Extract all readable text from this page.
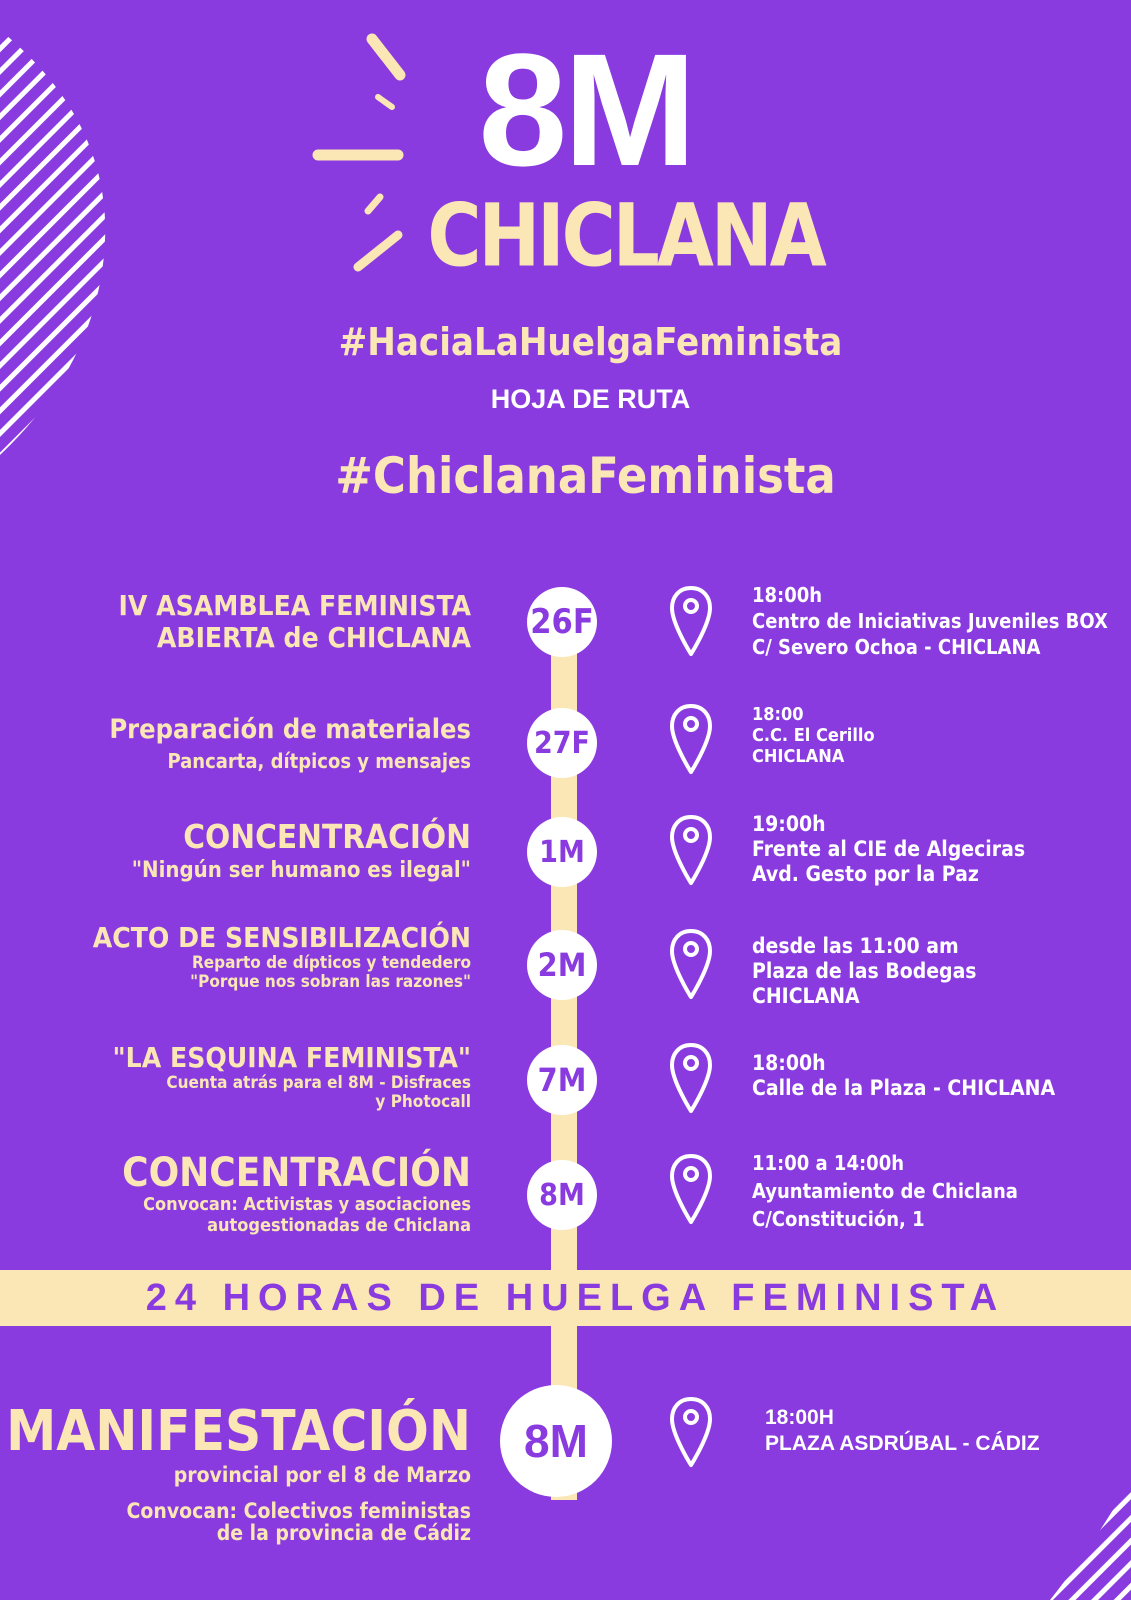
8M
CHICLANA
#HaciaLaHuelgaFeminista
HOJA DE RUTA
#ChiclanaFeminista
26F
IV ASAMBLEA FEMINISTA
ABIERTA de CHICLANA
18:00h
Centro de Iniciativas Juveniles BOX
C/ Severo Ochoa - CHICLANA
27F
Preparación de materiales
Pancarta, dítpicos y mensajes
18:00
C.C. El Cerillo
CHICLANA
1M
CONCENTRACIÓN
"Ningún ser humano es ilegal"
19:00h
Frente al CIE de Algeciras
Avd. Gesto por la Paz
2M
ACTO DE SENSIBILIZACIÓN
Reparto de dípticos y tendedero
"Porque nos sobran las razones"
desde las 11:00 am
Plaza de las Bodegas
CHICLANA
7M
"LA ESQUINA FEMINISTA"
Cuenta atrás para el 8M - Disfraces
y Photocall
18:00h
Calle de la Plaza - CHICLANA
8M
CONCENTRACIÓN
Convocan: Activistas y asociaciones
autogestionadas de Chiclana
11:00 a 14:00h
Ayuntamiento de Chiclana
C/Constitución, 1
24 HORAS DE HUELGA FEMINISTA
8M
MANIFESTACIÓN
provincial por el 8 de Marzo
Convocan: Colectivos feministas
de la provincia de Cádiz
18:00H
PLAZA ASDRÚBAL - CÁDIZ
